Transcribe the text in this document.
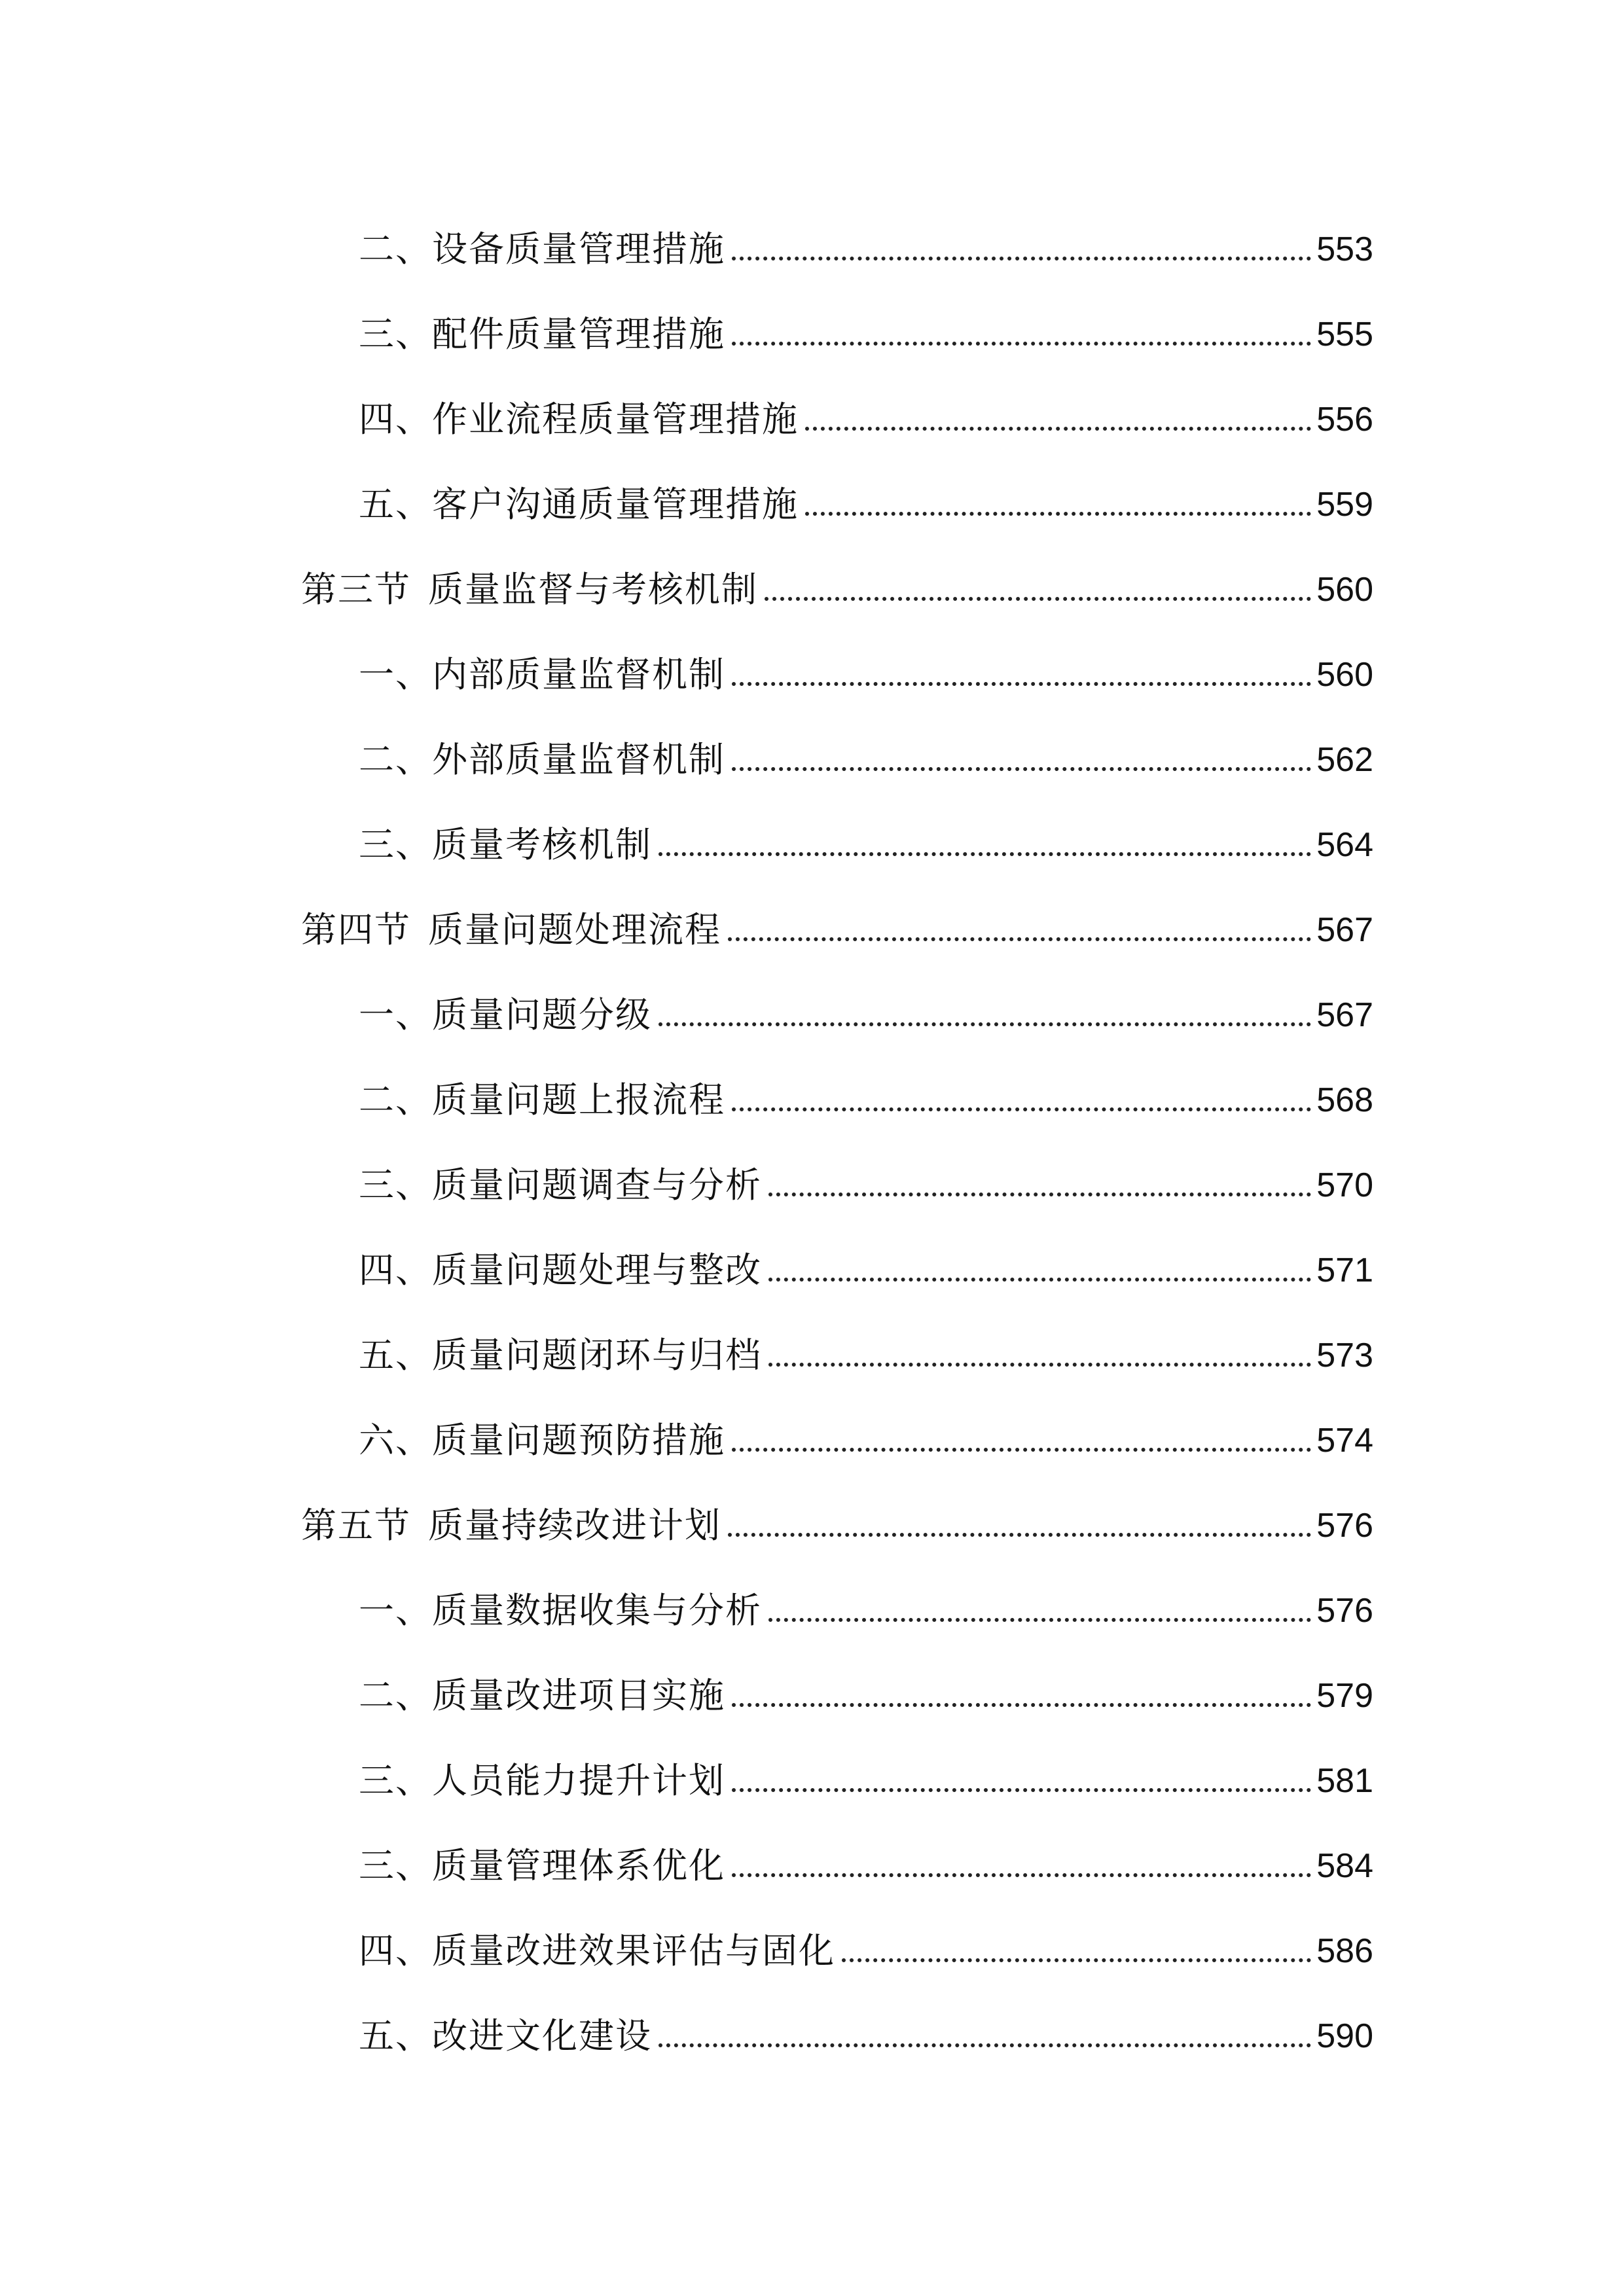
二、设备质量管理措施	553
三、配件质量管理措施	555
四、作业流程质量管理措施	556
五、客户沟通质量管理措施	559
第三节 质量监督与考核机制	560
一、内部质量监督机制	560
二、外部质量监督机制	562
三、质量考核机制	564
第四节 质量问题处理流程	567
一、质量问题分级	567
二、质量问题上报流程	568
三、质量问题调查与分析	570
四、质量问题处理与整改	571
五、质量问题闭环与归档	573
六、质量问题预防措施	574
第五节 质量持续改进计划	576
一、质量数据收集与分析	576
二、质量改进项目实施	579
三、人员能力提升计划	581
三、质量管理体系优化	584
四、质量改进效果评估与固化	586
五、改进文化建设	590
